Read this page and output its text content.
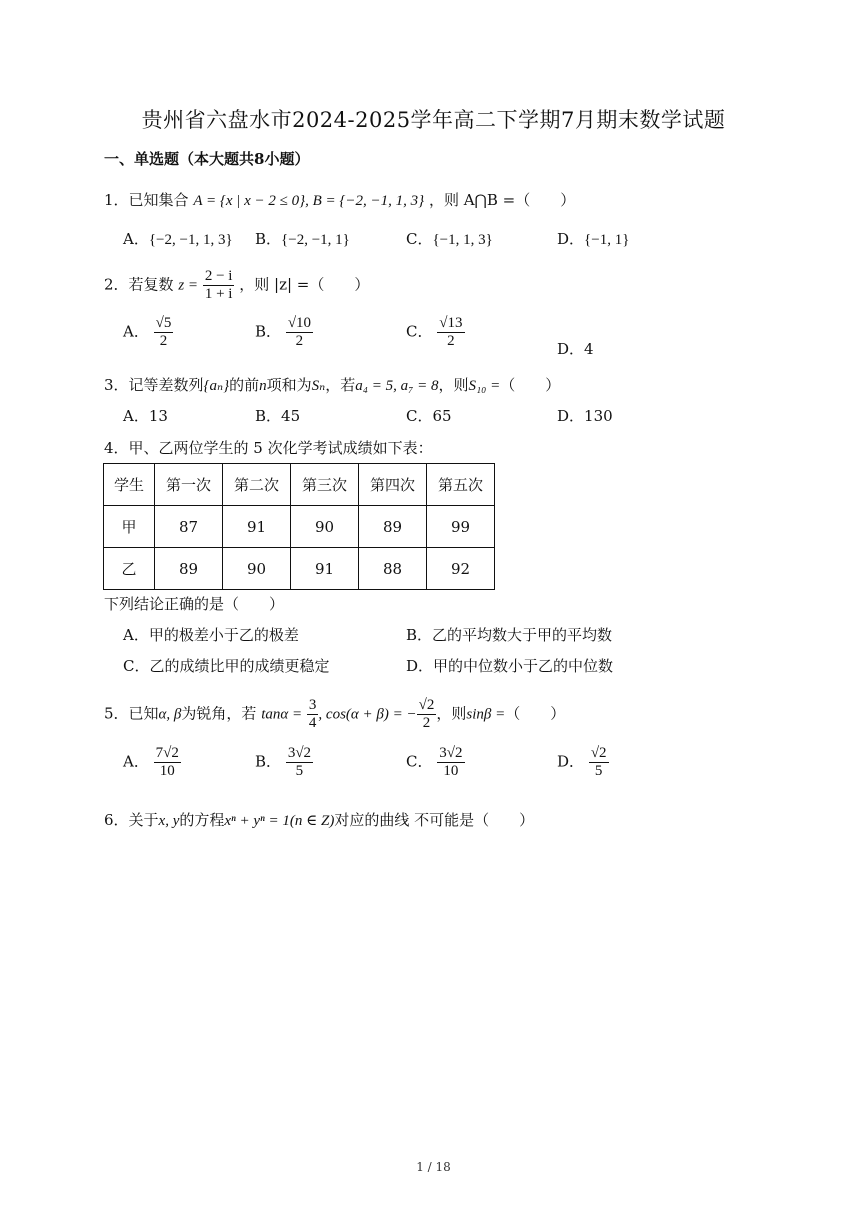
贵州省六盘水市2024-2025学年高二下学期7月期末数学试题
一、单选题（本大题共8小题）
1．已知集合 A = {x | x − 2 ≤ 0}, B = {−2, −1, 1, 3} ，则 A⋂B =（　　）
A．{−2, −1, 1, 3} B．{−2, −1, 1}	C．{−1, 1, 3}	D．{−1, 1}
2．若复数 $z = \frac{2 - i}{1 + i}$ ，则 |z| =（　　）
A． $\frac{√5}{2}$	B． $\frac{√10}{2}$	C． $\frac{√13}{2}$	D．4
3．记等差数列{aₙ}的前n项和为Sₙ，若a₄ = 5, a₇ = 8，则S₁₀ =（　　）
A．13	B．45	C．65	D．130
4．甲、乙两位学生的 5 次化学考试成绩如下表：
学生	第一次	第二次	第三次	第四次	第五次
甲	87	91	90	89	99
乙	89	90	91	88	92
下列结论正确的是（　　）
A．甲的极差小于乙的极差	B．乙的平均数大于甲的平均数
C．乙的成绩比甲的成绩更稳定	D．甲的中位数小于乙的中位数
5．已知α, β为锐角，若 $\tan\alpha = \frac{3}{4}$ , cos(α + β) = − $\frac{√2}{2}$ ，则sinβ =（　　）
A． $\frac{7√2}{10}$	B． $\frac{3√2}{5}$	C． $\frac{3√2}{10}$	D． $\frac{√2}{5}$
6．关于x, y的方程xⁿ + yⁿ = 1(n ∈ Z)对应的曲线 不可能是（　　）
1 / 18
